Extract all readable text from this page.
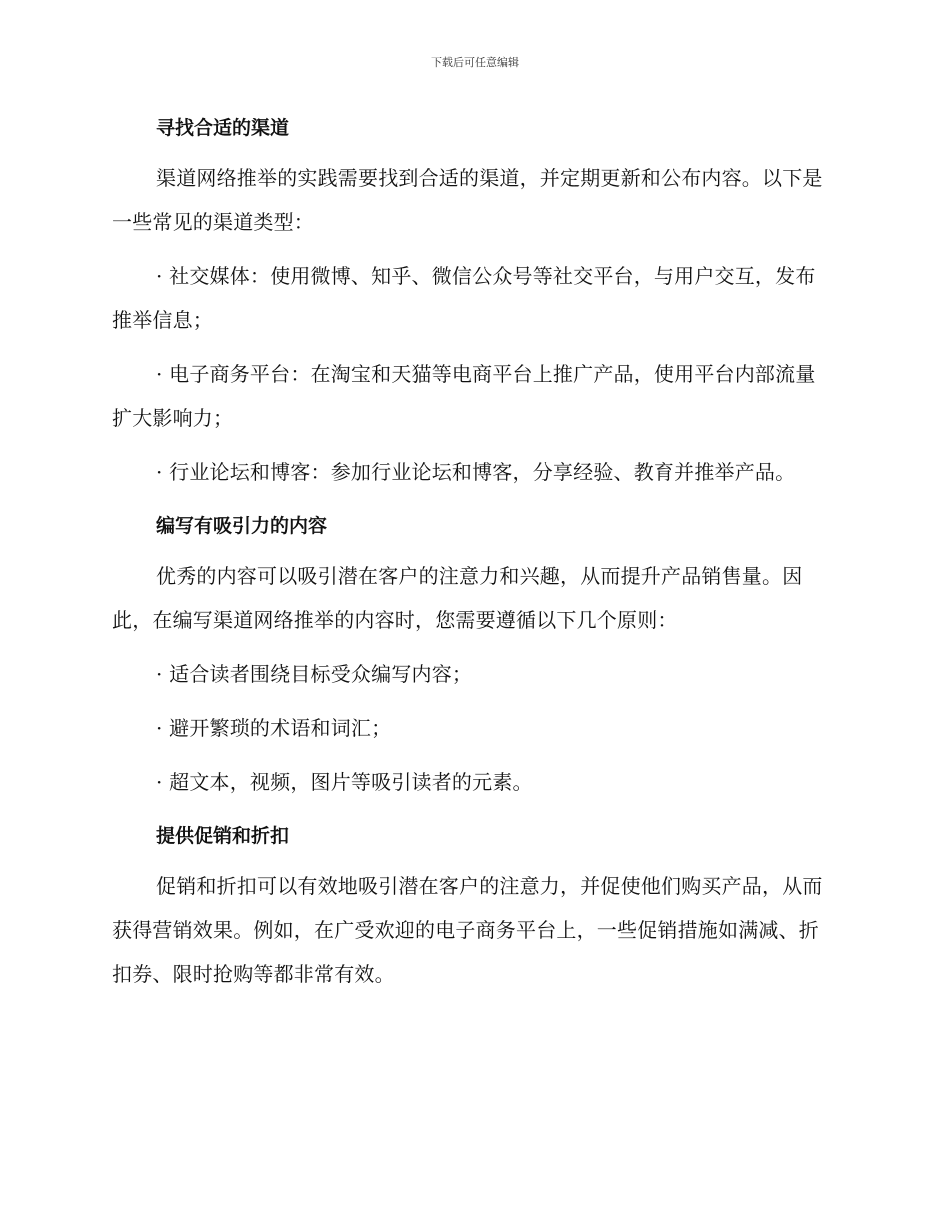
下载后可任意编辑
寻找合适的渠道

渠道网络推举的实践需要找到合适的渠道，并定期更新和公布内容。以下是一些常见的渠道类型：

· 社交媒体：使用微博、知乎、微信公众号等社交平台，与用户交互，发布推举信息；

· 电子商务平台：在淘宝和天猫等电商平台上推广产品，使用平台内部流量扩大影响力；

· 行业论坛和博客：参加行业论坛和博客，分享经验、教育并推举产品。

编写有吸引力的内容

优秀的内容可以吸引潜在客户的注意力和兴趣，从而提升产品销售量。因此，在编写渠道网络推举的内容时，您需要遵循以下几个原则：

· 适合读者围绕目标受众编写内容；

· 避开繁琐的术语和词汇；

· 超文本，视频，图片等吸引读者的元素。

提供促销和折扣

促销和折扣可以有效地吸引潜在客户的注意力，并促使他们购买产品，从而获得营销效果。例如，在广受欢迎的电子商务平台上，一些促销措施如满减、折扣券、限时抢购等都非常有效。
